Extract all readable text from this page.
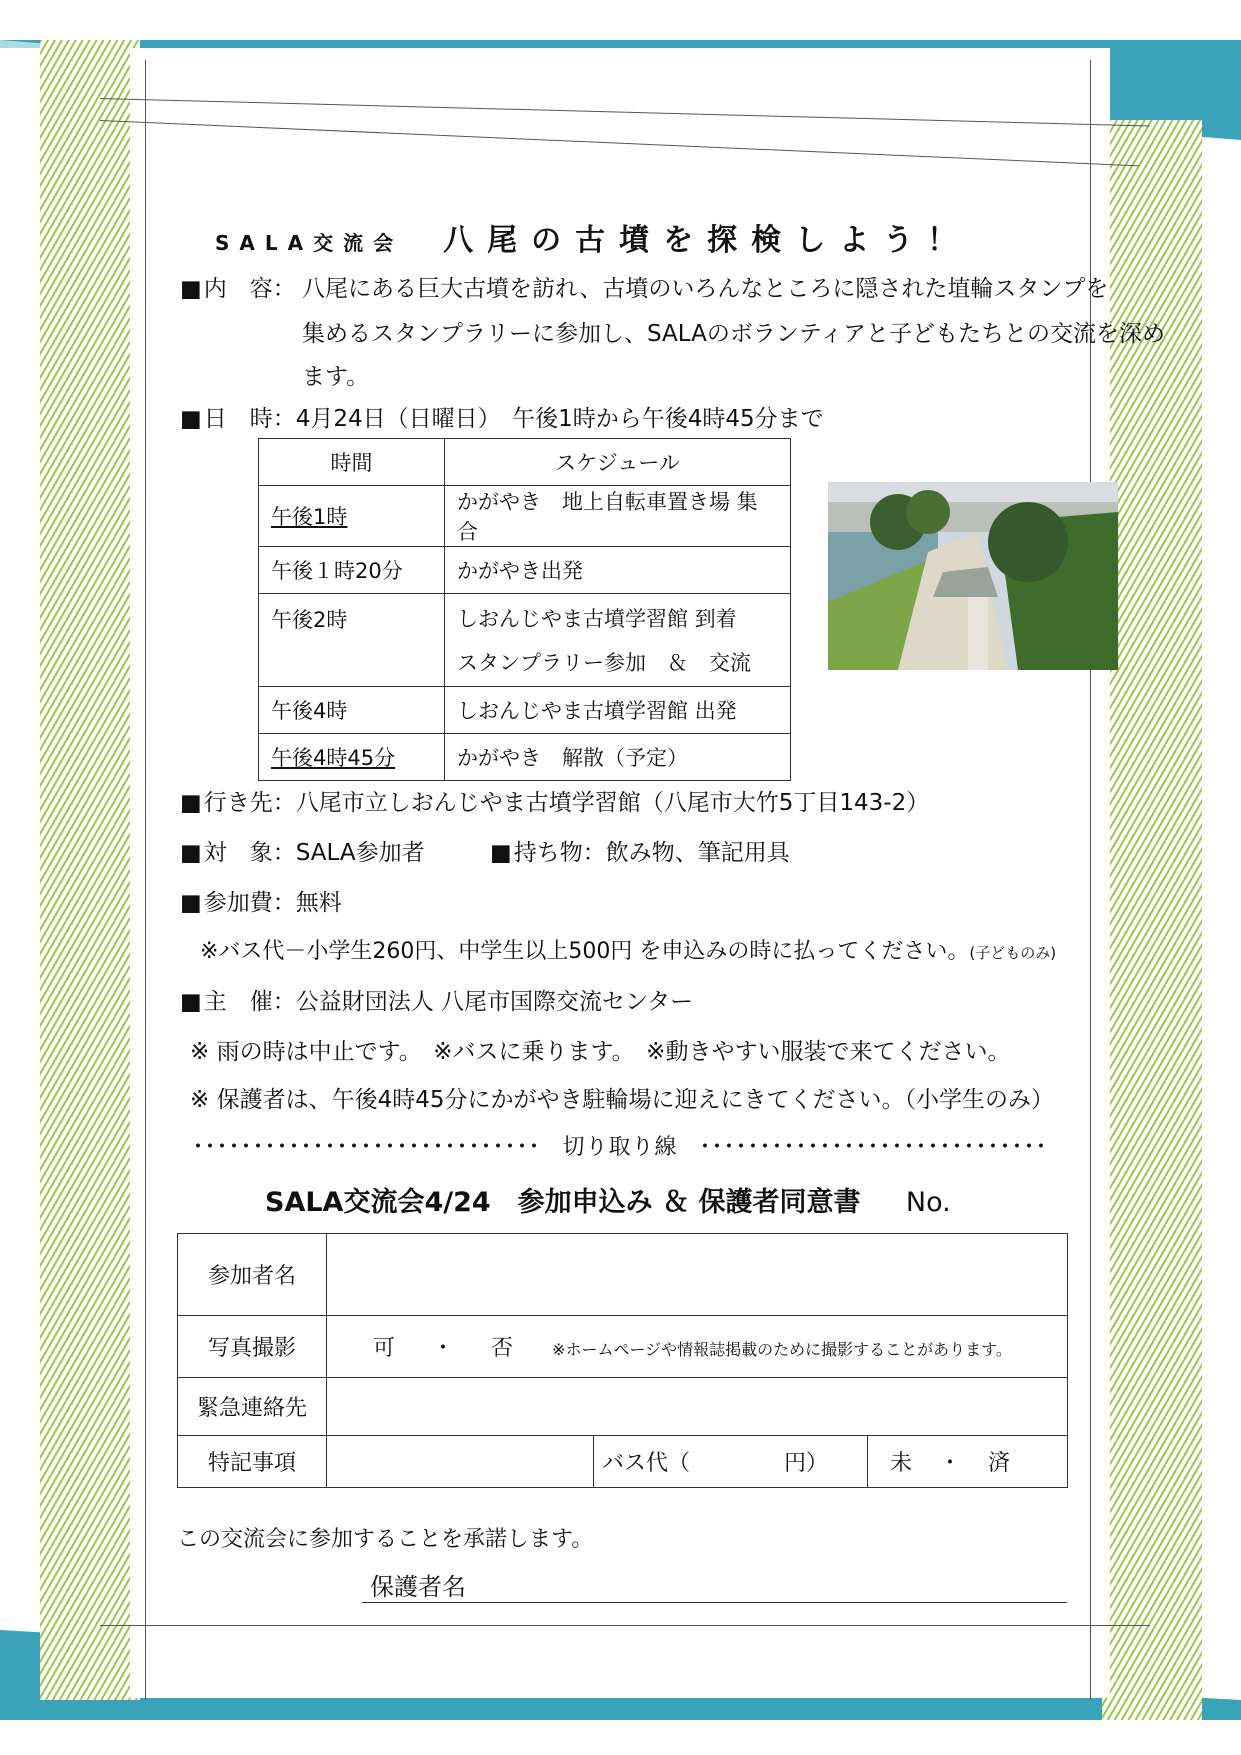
SALA交流会 八尾の古墳を探検しよう！
■ 内　容： 八尾にある巨大古墳を訪れ、古墳のいろんなところに隠された埴輪スタンプを
集めるスタンプラリーに参加し、SALAのボランティアと子どもたちとの交流を深め
ます。
■ 日　時：4月24日（日曜日）　午後1時から午後4時45分まで
時間	スケジュール
午後1時	かがやき　地上自転車置き場 集合
午後１時20分	かがやき出発
午後2時	しおんじやま古墳学習館 到着
スタンプラリー参加　＆　交流

午後4時	しおんじやま古墳学習館 出発
午後4時45分	かがやき　解散（予定）
■ 行き先：八尾市立しおんじやま古墳学習館（八尾市大竹5丁目143-2）
■ 対　象：SALA参加者	■ 持ち物：飲み物、筆記用具
■ 参加費：無料
※バス代－小学生260円、中学生以上500円 を申込みの時に払ってください。(子どものみ)
■ 主　催：公益財団法人 八尾市国際交流センター
※ 雨の時は中止です。　※バスに乗ります。　※動きやすい服装で来てください。
※ 保護者は、午後4時45分にかがやき駐輪場に迎えにきてください。（小学生のみ）
･････････････････････････････ 切り取り線 ･････････････････････････････
SALA交流会4/24　参加申込み ＆ 保護者同意書 No.
参加者名			
写真撮影	可 ・ 否 ※ホームページや情報誌掲載のために撮影することがあります。		
緊急連絡先			
特記事項		バス代（ 円）	未 ・ 済
この交流会に参加することを承諾します。
保護者名
